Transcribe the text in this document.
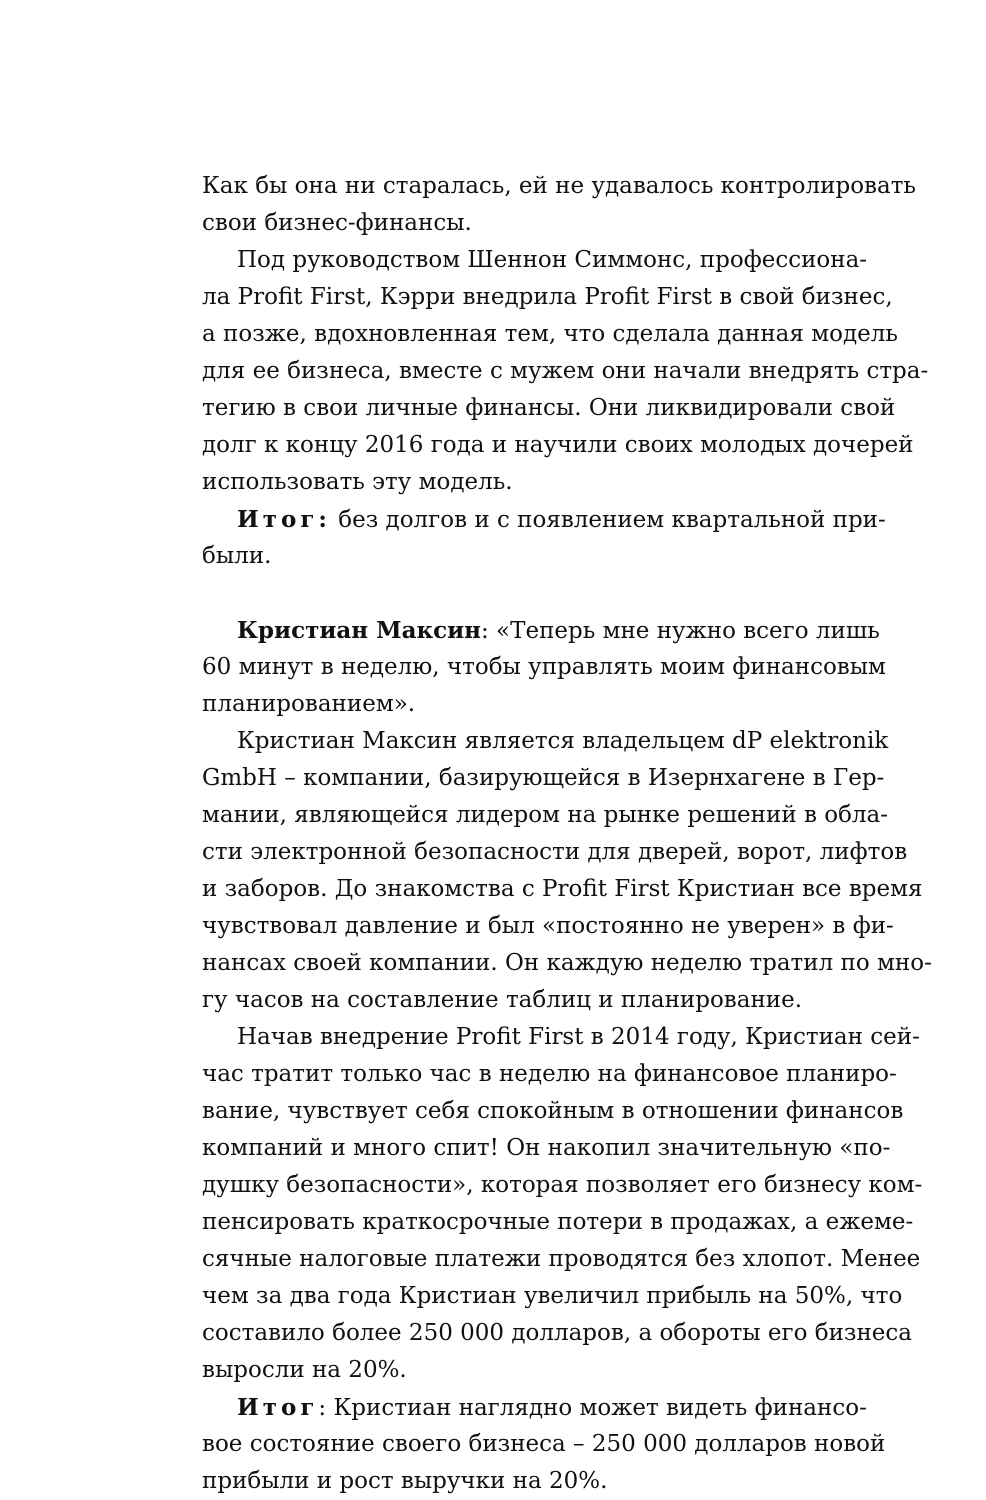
Как бы она ни старалась, ей не удавалось контролировать
свои бизнес-финансы.
Под руководством Шеннон Симмонс, профессиона-
ла Profit First, Кэрри внедрила Profit First в свой бизнес,
а позже, вдохновленная тем, что сделала данная модель
для ее бизнеса, вместе с мужем они начали внедрять стра-
тегию в свои личные финансы. Они ликвидировали свой
долг к концу 2016 года и научили своих молодых дочерей
использовать эту модель.
Итог: без долгов и с появлением квартальной при-
были.
Кристиан Максин: «Теперь мне нужно всего лишь
60 минут в неделю, чтобы управлять моим финансовым
планированием».
Кристиан Максин является владельцем dP elektronik
GmbH – компании, базирующейся в Изернхагене в Гер-
мании, являющейся лидером на рынке решений в обла-
сти электронной безопасности для дверей, ворот, лифтов
и заборов. До знакомства с Profit First Кристиан все время
чувствовал давление и был «постоянно не уверен» в фи-
нансах своей компании. Он каждую неделю тратил по мно-
гу часов на составление таблиц и планирование.
Начав внедрение Profit First в 2014 году, Кристиан сей-
час тратит только час в неделю на финансовое планиро-
вание, чувствует себя спокойным в отношении финансов
компаний и много спит! Он накопил значительную «по-
душку безопасности», которая позволяет его бизнесу ком-
пенсировать краткосрочные потери в продажах, а ежеме-
сячные налоговые платежи проводятся без хлопот. Менее
чем за два года Кристиан увеличил прибыль на 50%, что
составило более 250 000 долларов, а обороты его бизнеса
выросли на 20%.
Итог: Кристиан наглядно может видеть финансо-
вое состояние своего бизнеса – 250 000 долларов новой
прибыли и рост выручки на 20%.
